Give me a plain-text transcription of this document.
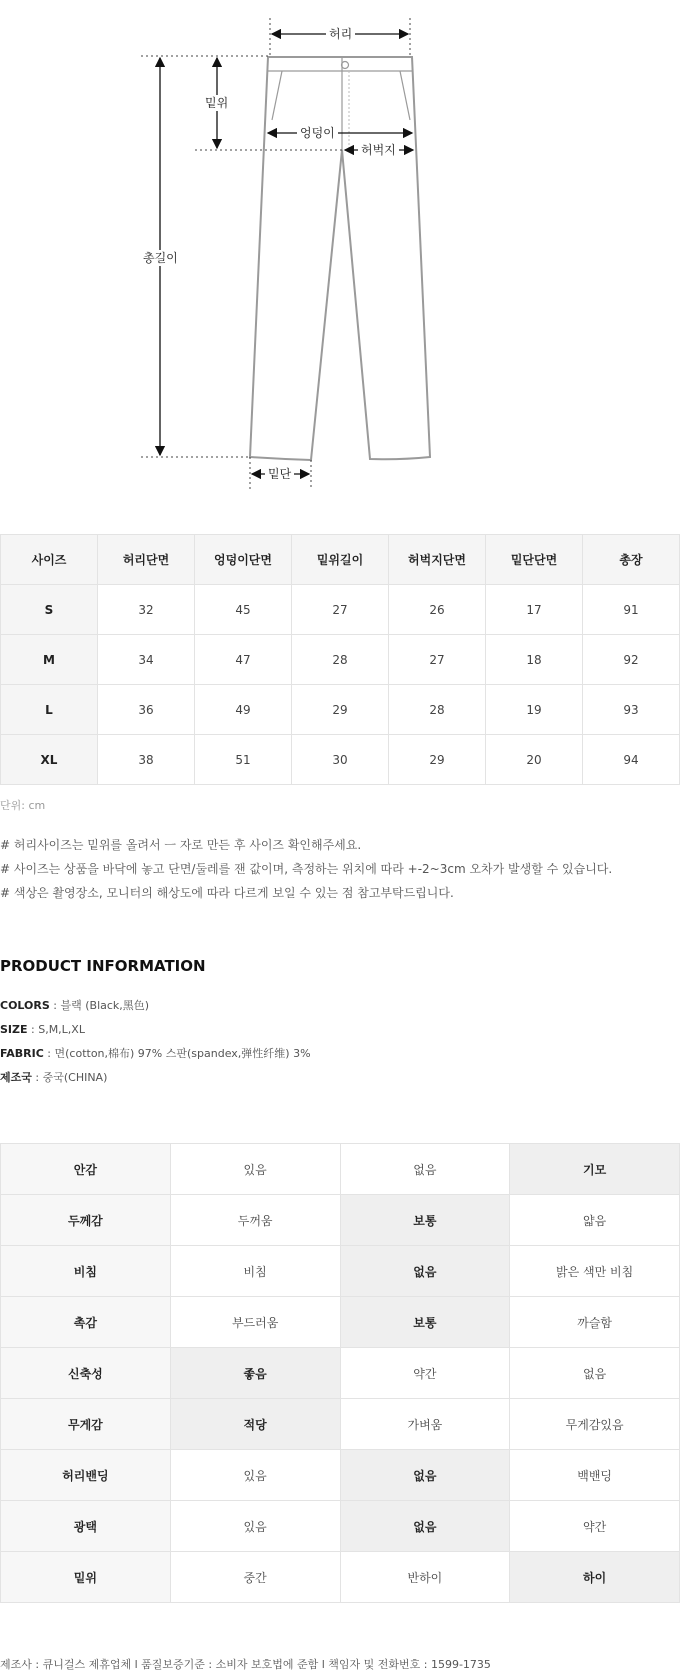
허리
밑위
엉덩이
허벅지
총길이
밑단
사이즈	허리단면	엉덩이단면	밑위길이	허벅지단면	밑단단면	총장
S	32	45	27	26	17	91
M	34	47	28	27	18	92
L	36	49	29	28	19	93
XL	38	51	30	29	20	94
단위: cm

# 허리사이즈는 밑위를 올려서 ㅡ 자로 만든 후 사이즈 확인해주세요.

# 사이즈는 상품을 바닥에 놓고 단면/둘레를 잰 값이며, 측정하는 위치에 따라 +-2~3cm 오차가 발생할 수 있습니다.

# 색상은 촬영장소, 모니터의 해상도에 따라 다르게 보일 수 있는 점 참고부탁드립니다.

PRODUCT INFORMATION

COLORS : 블랙 (Black,黑色)

SIZE : S,M,L,XL

FABRIC : 면(cotton,棉布) 97% 스판(spandex,弹性纤维) 3%

제조국 : 중국(CHINA)

안감	있음	없음	기모
두께감	두꺼움	보통	얇음
비침	비침	없음	밝은 색만 비침
촉감	부드러움	보통	까슬함
신축성	좋음	약간	없음
무게감	적당	가벼움	무게감있음
허리밴딩	있음	없음	백밴딩
광택	있음	없음	약간
밑위	중간	반하이	하이
제조사 : 큐니걸스 제휴업체 l 품질보증기준 : 소비자 보호법에 준함 l 책임자 및 전화번호 : 1599-1735
